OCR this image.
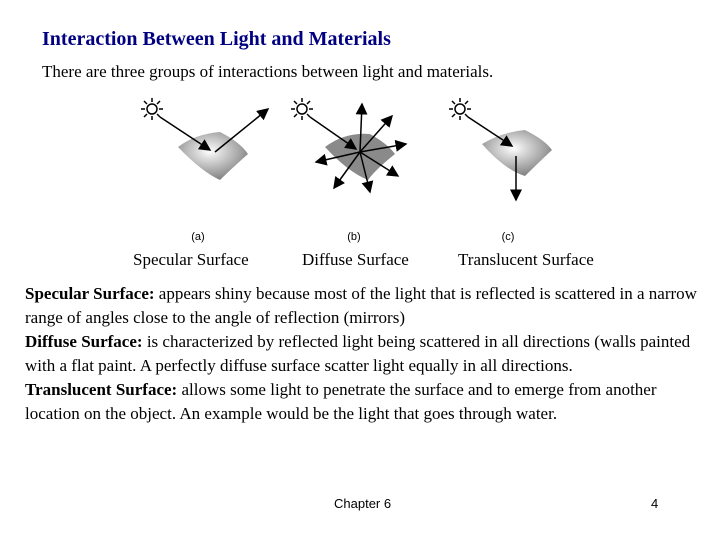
Interaction Between Light and Materials
There are three groups of interactions between light and materials.
(a)	(b)	(c)
Specular Surface	Diffuse Surface	Translucent Surface

Specular Surface: appears shiny because most of the light that is reflected is scattered in a narrow range of angles close to the angle of reflection (mirrors)

Diffuse Surface: is characterized by reflected light being scattered in all directions (walls painted with a flat paint. A perfectly diffuse surface scatter light equally in all directions.

Translucent Surface: allows some light to penetrate the surface and to emerge from another location on the object. An example would be the light that goes through water.

Chapter 6	4
